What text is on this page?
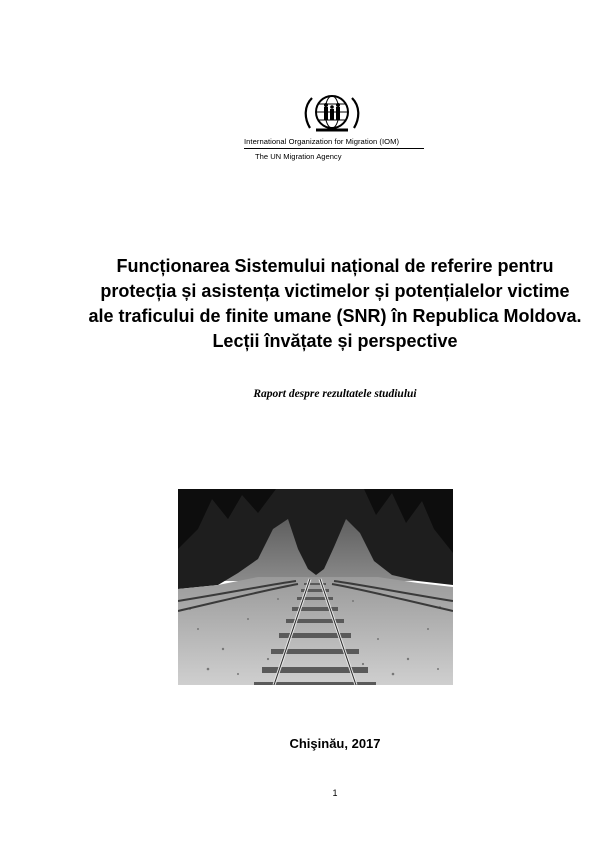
International Organization for Migration (IOM)
The UN Migration Agency
Funcționarea Sistemului național de referire pentru
protecția și asistența victimelor și potențialelor victime
ale traficului de finite umane (SNR) în Republica Moldova.
Lecții învățate și perspective
Raport despre rezultatele studiului
Chişinău, 2017
1
